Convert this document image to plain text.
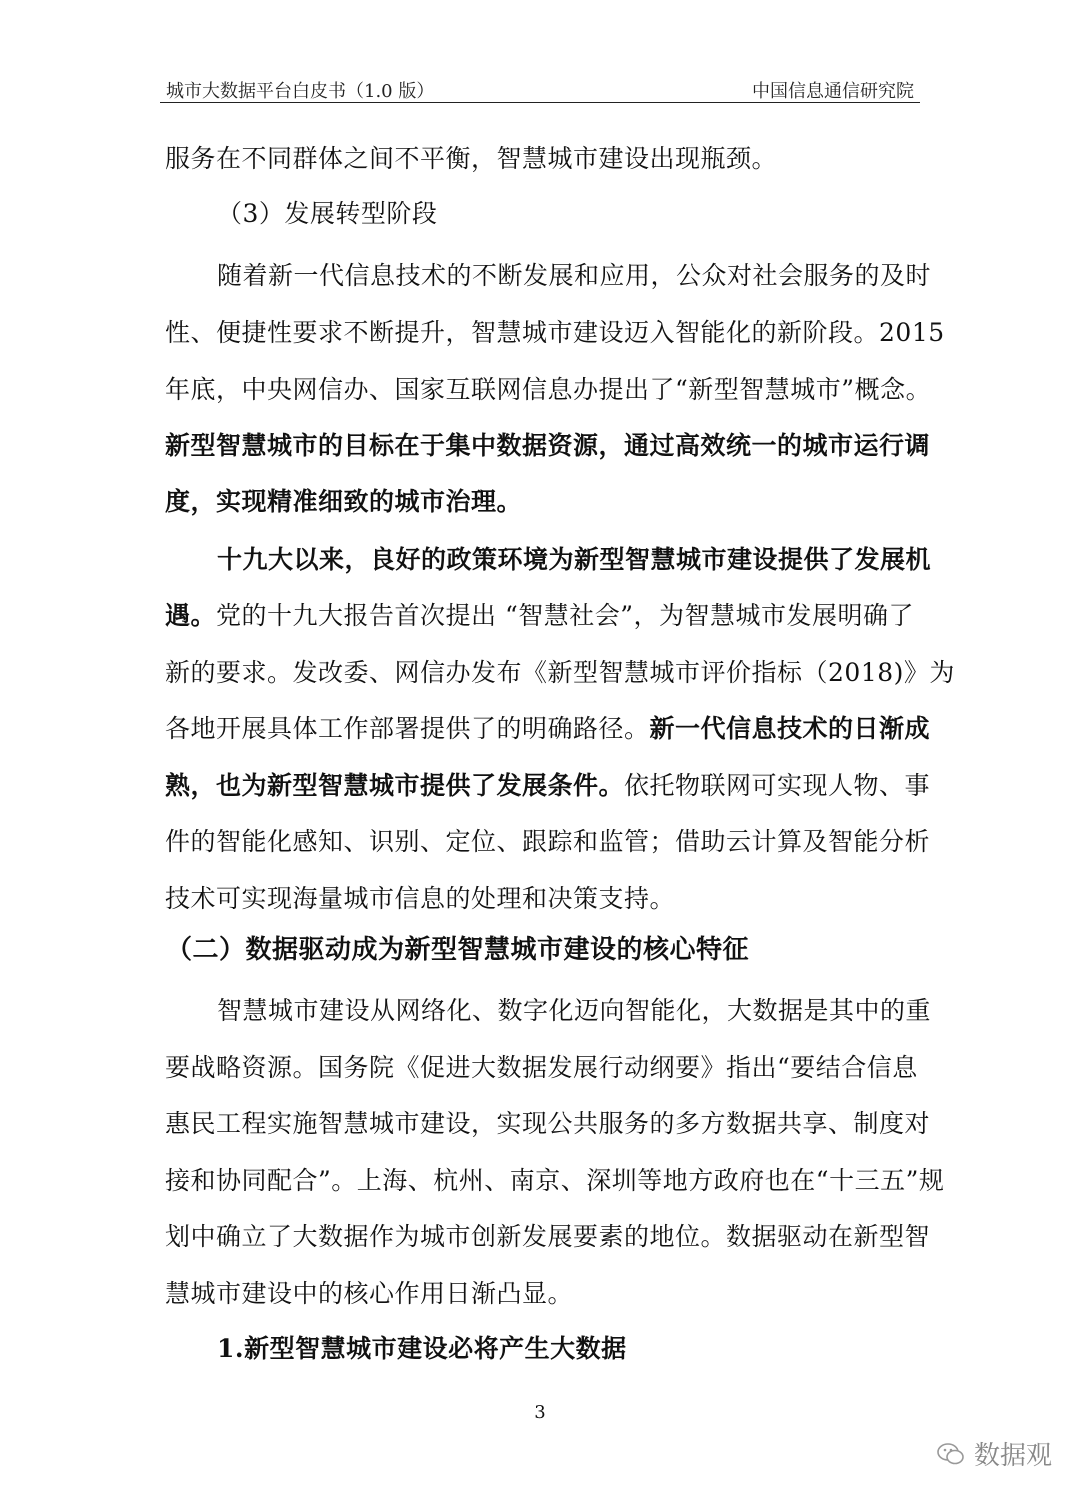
城市大数据平台白皮书（1.0 版）	中国信息通信研究院
服务在不同群体之间不平衡，智慧城市建设出现瓶颈。
（3）发展转型阶段
随着新一代信息技术的不断发展和应用，公众对社会服务的及时
性、便捷性要求不断提升，智慧城市建设迈入智能化的新阶段。2015
年底，中央网信办、国家互联网信息办提出了“新型智慧城市”概念。
新型智慧城市的目标在于集中数据资源，通过高效统一的城市运行调
度，实现精准细致的城市治理。
十九大以来，良好的政策环境为新型智慧城市建设提供了发展机
遇。党的十九大报告首次提出 “智慧社会”，为智慧城市发展明确了
新的要求。发改委、网信办发布《新型智慧城市评价指标（2018)》为
各地开展具体工作部署提供了的明确路径。新一代信息技术的日渐成
熟，也为新型智慧城市提供了发展条件。依托物联网可实现人物、事
件的智能化感知、识别、定位、跟踪和监管；借助云计算及智能分析
技术可实现海量城市信息的处理和决策支持。
（二）数据驱动成为新型智慧城市建设的核心特征
智慧城市建设从网络化、数字化迈向智能化，大数据是其中的重
要战略资源。国务院《促进大数据发展行动纲要》指出“要结合信息
惠民工程实施智慧城市建设，实现公共服务的多方数据共享、制度对
接和协同配合”。上海、杭州、南京、深圳等地方政府也在“十三五”规
划中确立了大数据作为城市创新发展要素的地位。数据驱动在新型智
慧城市建设中的核心作用日渐凸显。
1.新型智慧城市建设必将产生大数据
3
数据观
